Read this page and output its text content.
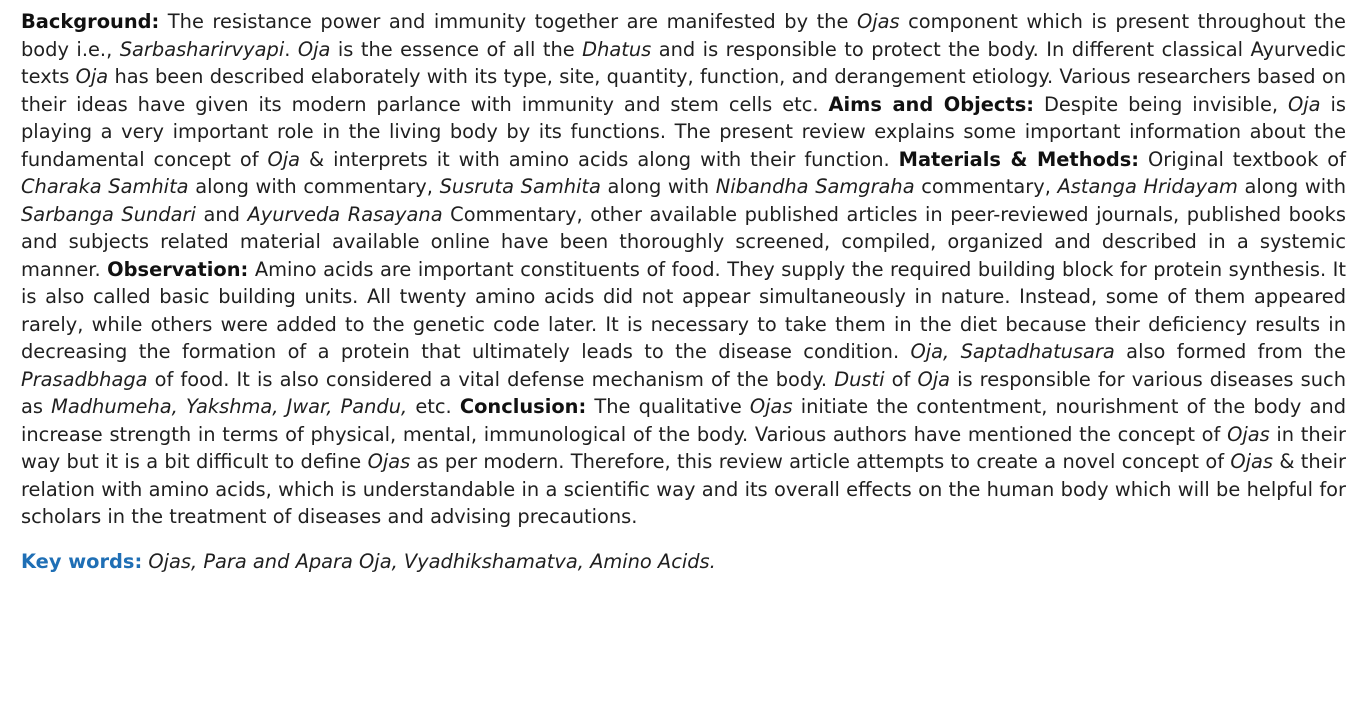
Background: The resistance power and immunity together are manifested by the Ojas component which is present throughout the body i.e., Sarbasharirvyapi. Oja is the essence of all the Dhatus and is responsible to protect the body. In different classical Ayurvedic texts Oja has been described elaborately with its type, site, quantity, function, and derangement etiology. Various researchers based on their ideas have given its modern parlance with immunity and stem cells etc. Aims and Objects: Despite being invisible, Oja is playing a very important role in the living body by its functions. The present review explains some important information about the fundamental concept of Oja & interprets it with amino acids along with their function. Materials & Methods: Original textbook of Charaka Samhita along with commentary, Susruta Samhita along with Nibandha Samgraha commentary, Astanga Hridayam along with Sarbanga Sundari and Ayurveda Rasayana Commentary, other available published articles in peer-reviewed journals, published books and subjects related material available online have been thoroughly screened, compiled, organized and described in a systemic manner. Observation: Amino acids are important constituents of food. They supply the required building block for protein synthesis. It is also called basic building units. All twenty amino acids did not appear simultaneously in nature. Instead, some of them appeared rarely, while others were added to the genetic code later. It is necessary to take them in the diet because their deficiency results in decreasing the formation of a protein that ultimately leads to the disease condition. Oja, Saptadhatusara also formed from the Prasadbhaga of food. It is also considered a vital defense mechanism of the body. Dusti of Oja is responsible for various diseases such as Madhumeha, Yakshma, Jwar, Pandu, etc. Conclusion: The qualitative Ojas initiate the contentment, nourishment of the body and increase strength in terms of physical, mental, immunological of the body. Various authors have mentioned the concept of Ojas in their way but it is a bit difficult to define Ojas as per modern. Therefore, this review article attempts to create a novel concept of Ojas & their relation with amino acids, which is understandable in a scientific way and its overall effects on the human body which will be helpful for scholars in the treatment of diseases and advising precautions.

Key words: Ojas, Para and Apara Oja, Vyadhikshamatva, Amino Acids.
